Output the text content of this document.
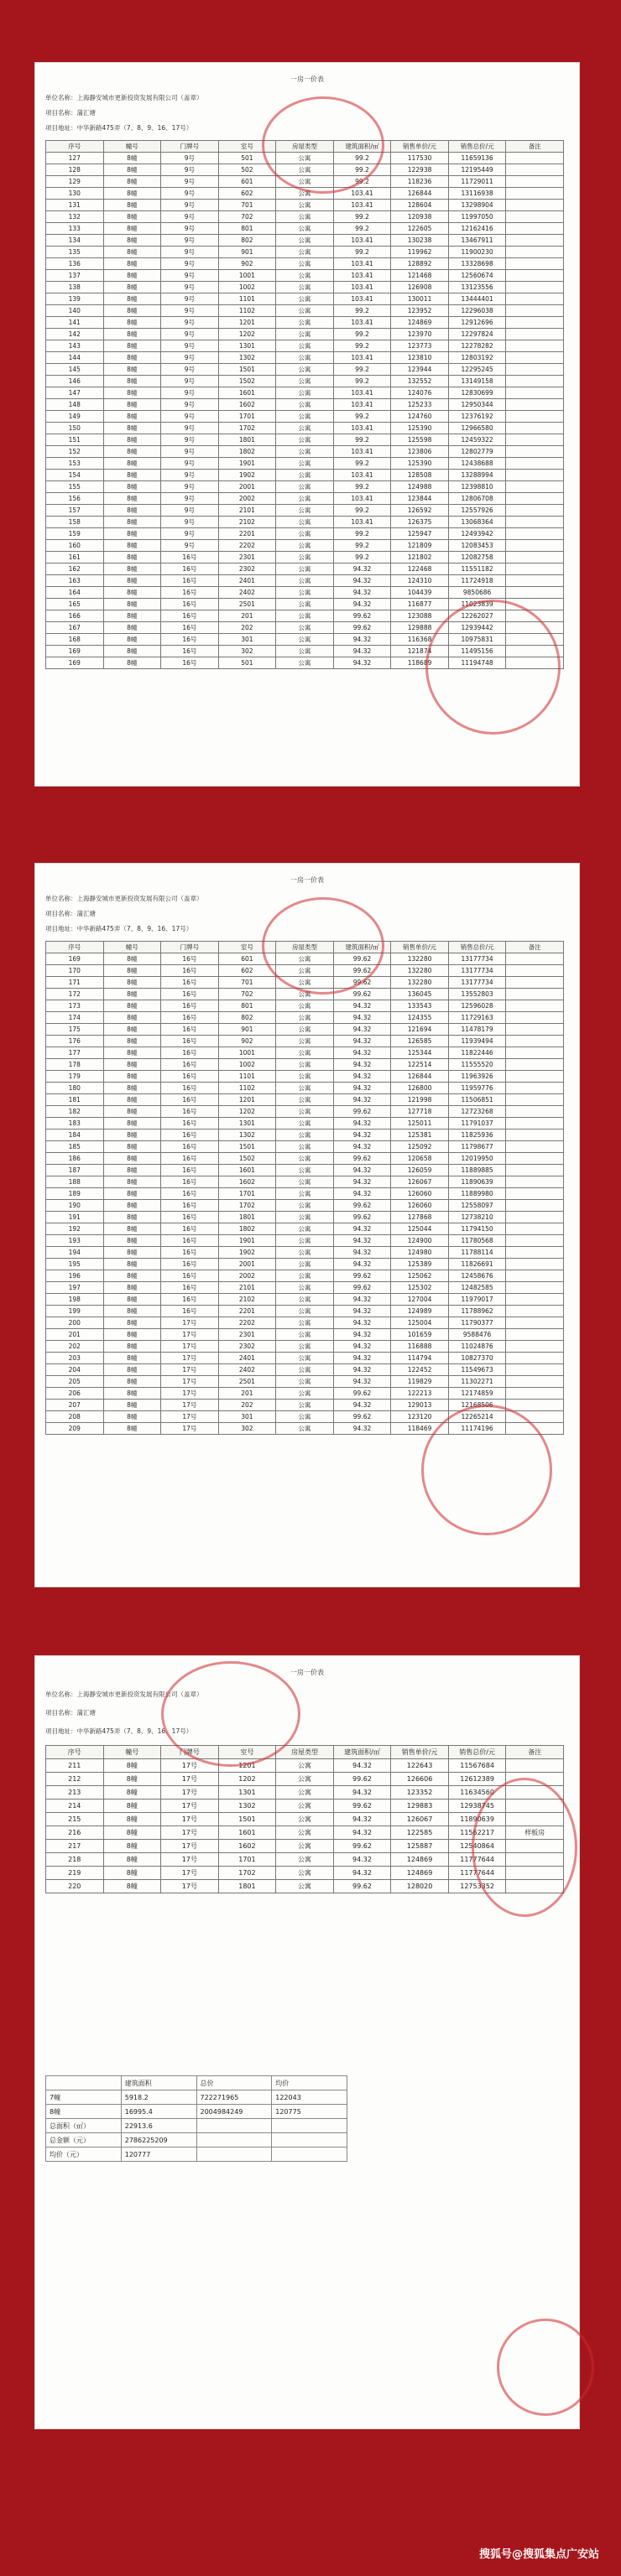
一房一价表
单位名称：上海静安城市更新投资发展有限公司（盖章）
项目名称：蒲汇塘
项目地址：中华新路475弄（7、8、9、16、17号）
序号	幢号	门牌号	室号	房屋类型	建筑面积/㎡	销售单价/元	销售总价/元	备注
127	8幢	9号	501	公寓	99.2	117530	11659136	
128	8幢	9号	502	公寓	99.2	122938	12195449	
129	8幢	9号	601	公寓	99.2	118236	11729011	
130	8幢	9号	602	公寓	103.41	126844	13116938	
131	8幢	9号	701	公寓	103.41	128604	13298904	
132	8幢	9号	702	公寓	99.2	120938	11997050	
133	8幢	9号	801	公寓	99.2	122605	12162416	
134	8幢	9号	802	公寓	103.41	130238	13467911	
135	8幢	9号	901	公寓	99.2	119962	11900230	
136	8幢	9号	902	公寓	103.41	128892	13328698	
137	8幢	9号	1001	公寓	103.41	121468	12560674	
138	8幢	9号	1002	公寓	103.41	126908	13123556	
139	8幢	9号	1101	公寓	103.41	130011	13444401	
140	8幢	9号	1102	公寓	99.2	123952	12296038	
141	8幢	9号	1201	公寓	103.41	124869	12912696	
142	8幢	9号	1202	公寓	99.2	123970	12297824	
143	8幢	9号	1301	公寓	99.2	123773	12278282	
144	8幢	9号	1302	公寓	103.41	123810	12803192	
145	8幢	9号	1501	公寓	99.2	123944	12295245	
146	8幢	9号	1502	公寓	99.2	132552	13149158	
147	8幢	9号	1601	公寓	103.41	124076	12830699	
148	8幢	9号	1602	公寓	103.41	125233	12950344	
149	8幢	9号	1701	公寓	99.2	124760	12376192	
150	8幢	9号	1702	公寓	103.41	125390	12966580	
151	8幢	9号	1801	公寓	99.2	125598	12459322	
152	8幢	9号	1802	公寓	103.41	123806	12802779	
153	8幢	9号	1901	公寓	99.2	125390	12438688	
154	8幢	9号	1902	公寓	103.41	128508	13288994	
155	8幢	9号	2001	公寓	99.2	124988	12398810	
156	8幢	9号	2002	公寓	103.41	123844	12806708	
157	8幢	9号	2101	公寓	99.2	126592	12557926	
158	8幢	9号	2102	公寓	103.41	126375	13068364	
159	8幢	9号	2201	公寓	99.2	125947	12493942	
160	8幢	9号	2202	公寓	99.2	121809	12083453	
161	8幢	16号	2301	公寓	99.2	121802	12082758	
162	8幢	16号	2302	公寓	94.32	122468	11551182	
163	8幢	16号	2401	公寓	94.32	124310	11724918	
164	8幢	16号	2402	公寓	94.32	104439	9850686	
165	8幢	16号	2501	公寓	94.32	116877	11023839	
166	8幢	16号	201	公寓	99.62	123088	12262027	
167	8幢	16号	202	公寓	99.62	129888	12939442	
168	8幢	16号	301	公寓	94.32	116368	10975831	
169	8幢	16号	302	公寓	94.32	121874	11495156	
169	8幢	16号	501	公寓	94.32	118689	11194748	
一房一价表
单位名称：上海静安城市更新投资发展有限公司（盖章）
项目名称：蒲汇塘
项目地址：中华新路475弄（7、8、9、16、17号）
序号	幢号	门牌号	室号	房屋类型	建筑面积/㎡	销售单价/元	销售总价/元	备注
169	8幢	16号	601	公寓	99.62	132280	13177734	
170	8幢	16号	602	公寓	99.62	132280	13177734	
171	8幢	16号	701	公寓	99.62	132280	13177734	
172	8幢	16号	702	公寓	99.62	136045	13552803	
173	8幢	16号	801	公寓	94.32	133543	12596028	
174	8幢	16号	802	公寓	94.32	124355	11729163	
175	8幢	16号	901	公寓	94.32	121694	11478179	
176	8幢	16号	902	公寓	94.32	126585	11939494	
177	8幢	16号	1001	公寓	94.32	125344	11822446	
178	8幢	16号	1002	公寓	94.32	122514	11555520	
179	8幢	16号	1101	公寓	94.32	126844	11963926	
180	8幢	16号	1102	公寓	94.32	126800	11959776	
181	8幢	16号	1201	公寓	94.32	121998	11506851	
182	8幢	16号	1202	公寓	99.62	127718	12723268	
183	8幢	16号	1301	公寓	94.32	125011	11791037	
184	8幢	16号	1302	公寓	94.32	125381	11825936	
185	8幢	16号	1501	公寓	94.32	125092	11798677	
186	8幢	16号	1502	公寓	99.62	120658	12019950	
187	8幢	16号	1601	公寓	94.32	126059	11889885	
188	8幢	16号	1602	公寓	94.32	126067	11890639	
189	8幢	16号	1701	公寓	94.32	126060	11889980	
190	8幢	16号	1702	公寓	99.62	126060	12558097	
191	8幢	16号	1801	公寓	99.62	127868	12738210	
192	8幢	16号	1802	公寓	94.32	125044	11794150	
193	8幢	16号	1901	公寓	94.32	124900	11780568	
194	8幢	16号	1902	公寓	94.32	124980	11788114	
195	8幢	16号	2001	公寓	94.32	125389	11826691	
196	8幢	16号	2002	公寓	99.62	125062	12458676	
197	8幢	16号	2101	公寓	99.62	125302	12482585	
198	8幢	16号	2102	公寓	94.32	127004	11979017	
199	8幢	16号	2201	公寓	94.32	124989	11788962	
200	8幢	17号	2202	公寓	94.32	125004	11790377	
201	8幢	17号	2301	公寓	94.32	101659	9588476	
202	8幢	17号	2302	公寓	94.32	116888	11024876	
203	8幢	17号	2401	公寓	94.32	114794	10827370	
204	8幢	17号	2402	公寓	94.32	122452	11549673	
205	8幢	17号	2501	公寓	94.32	119829	11302271	
206	8幢	17号	201	公寓	99.62	122213	12174859	
207	8幢	17号	202	公寓	94.32	129013	12168506	
208	8幢	17号	301	公寓	99.62	123120	12265214	
209	8幢	17号	302	公寓	94.32	118469	11174196	
一房一价表
单位名称：上海静安城市更新投资发展有限公司（盖章）
项目名称：蒲汇塘
项目地址：中华新路475弄（7、8、9、16、17号）
序号	幢号	门牌号	室号	房屋类型	建筑面积/㎡	销售单价/元	销售总价/元	备注
211	8幢	17号	1201	公寓	94.32	122643	11567684	
212	8幢	17号	1202	公寓	99.62	126606	12612389	
213	8幢	17号	1301	公寓	94.32	123352	11634560	
214	8幢	17号	1302	公寓	99.62	129883	12938745	
215	8幢	17号	1501	公寓	94.32	126067	11890639	
216	8幢	17号	1601	公寓	94.32	122585	11562217	样板房
217	8幢	17号	1602	公寓	99.62	125887	12540864	
218	8幢	17号	1701	公寓	94.32	124869	11777644	
219	8幢	17号	1702	公寓	94.32	124869	11777644	
220	8幢	17号	1801	公寓	99.62	128020	12753352	
	建筑面积	总价	均价
7幢	5918.2	722271965	122043
8幢	16995.4	2004984249	120775
总面积（㎡）	22913.6		
总金额（元）	2786225209		
均价（元）	120777		
搜狐号@搜狐集点广安站
